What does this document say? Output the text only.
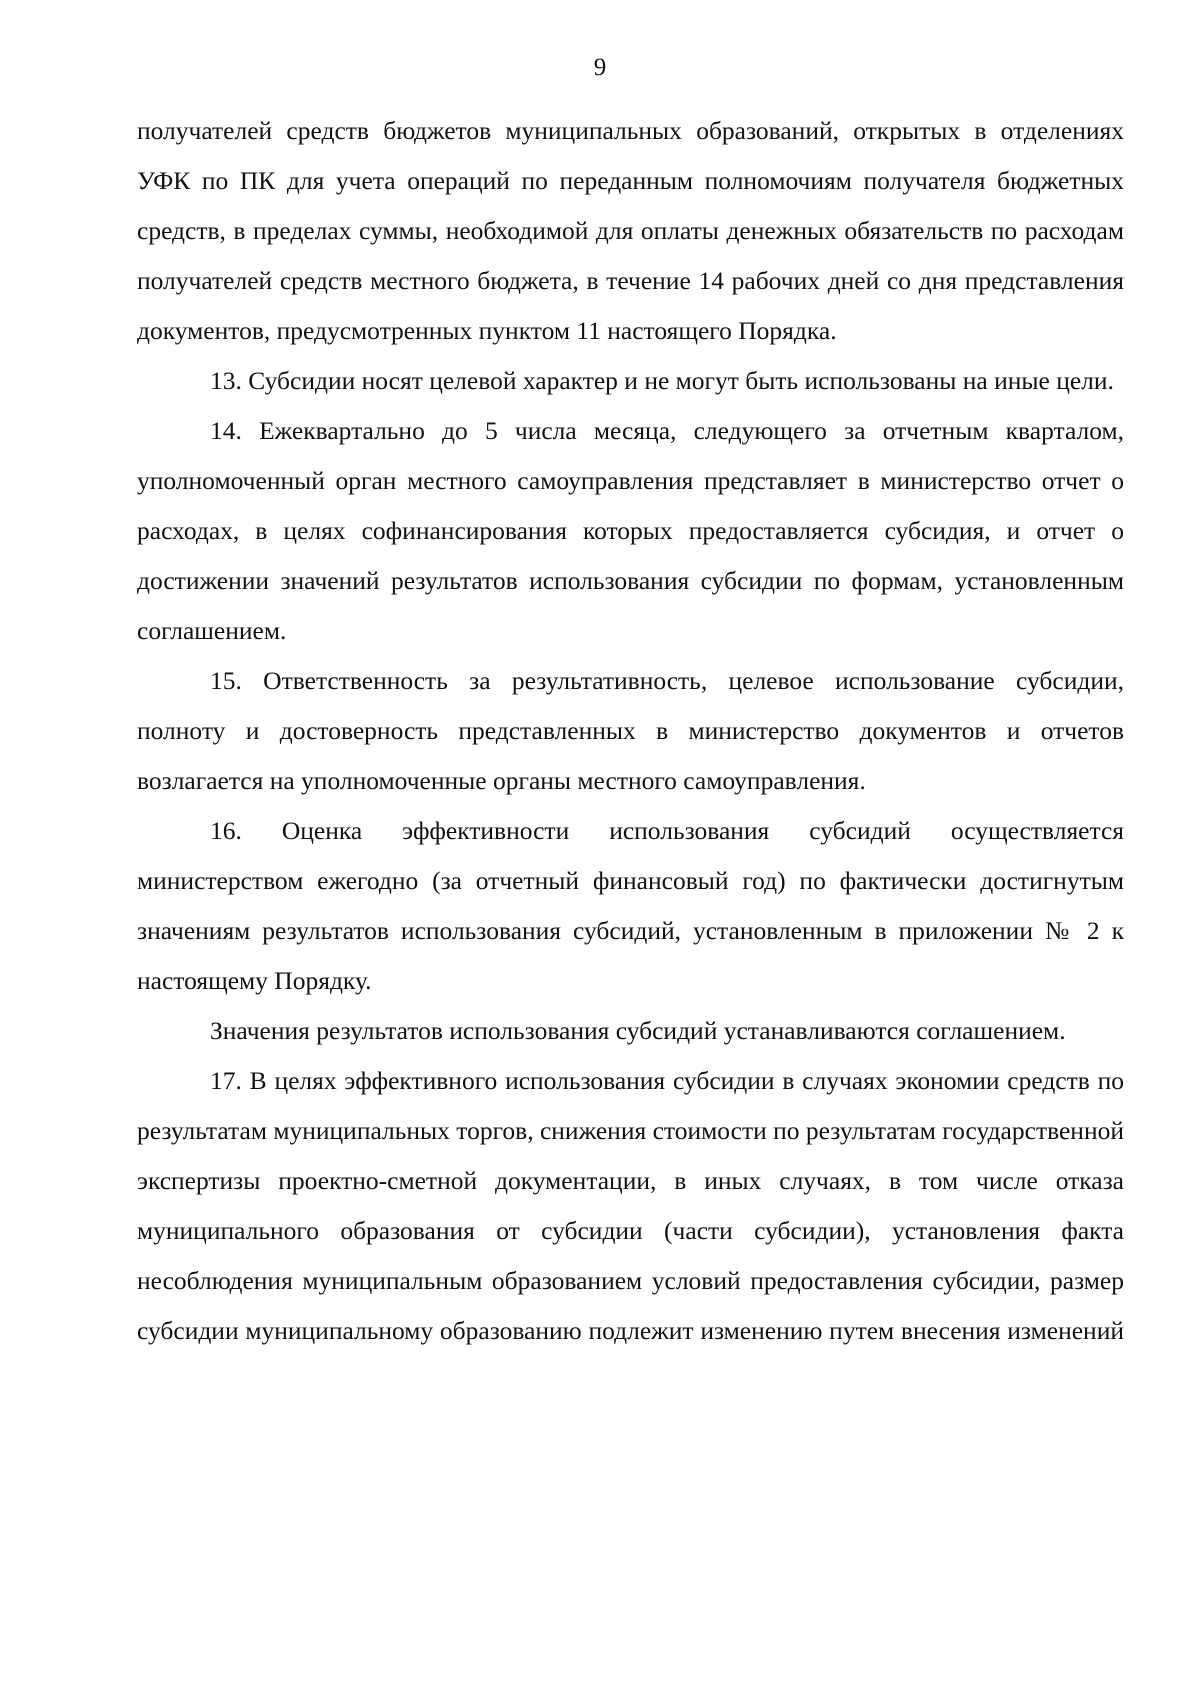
9

получателей средств бюджетов муниципальных образований, открытых в отделениях УФК по ПК для учета операций по переданным полномочиям получателя бюджетных средств, в пределах суммы, необходимой для оплаты денежных обязательств по расходам получателей средств местного бюджета, в течение 14 рабочих дней со дня представления документов, предусмотренных пунктом 11 настоящего Порядка.

13. Субсидии носят целевой характер и не могут быть использованы на иные цели.

14. Ежеквартально до 5 числа месяца, следующего за отчетным кварталом, уполномоченный орган местного самоуправления представляет в министерство отчет о расходах, в целях софинансирования которых предоставляется субсидия, и отчет о достижении значений результатов использования субсидии по формам, установленным соглашением.

15. Ответственность за результативность, целевое использование субсидии, полноту и достоверность представленных в министерство документов и отчетов возлагается на уполномоченные органы местного самоуправления.

16. Оценка эффективности использования субсидий осуществляется министерством ежегодно (за отчетный финансовый год) по фактически достигнутым значениям результатов использования субсидий, установленным в приложении № 2 к настоящему Порядку.

Значения результатов использования субсидий устанавливаются соглашением.

17. В целях эффективного использования субсидии в случаях экономии средств по результатам муниципальных торгов, снижения стоимости по результатам государственной экспертизы проектно-сметной документации, в иных случаях, в том числе отказа муниципального образования от субсидии (части субсидии), установления факта несоблюдения муниципальным образованием условий предоставления субсидии, размер субсидии муниципальному образованию подлежит изменению путем внесения изменений
